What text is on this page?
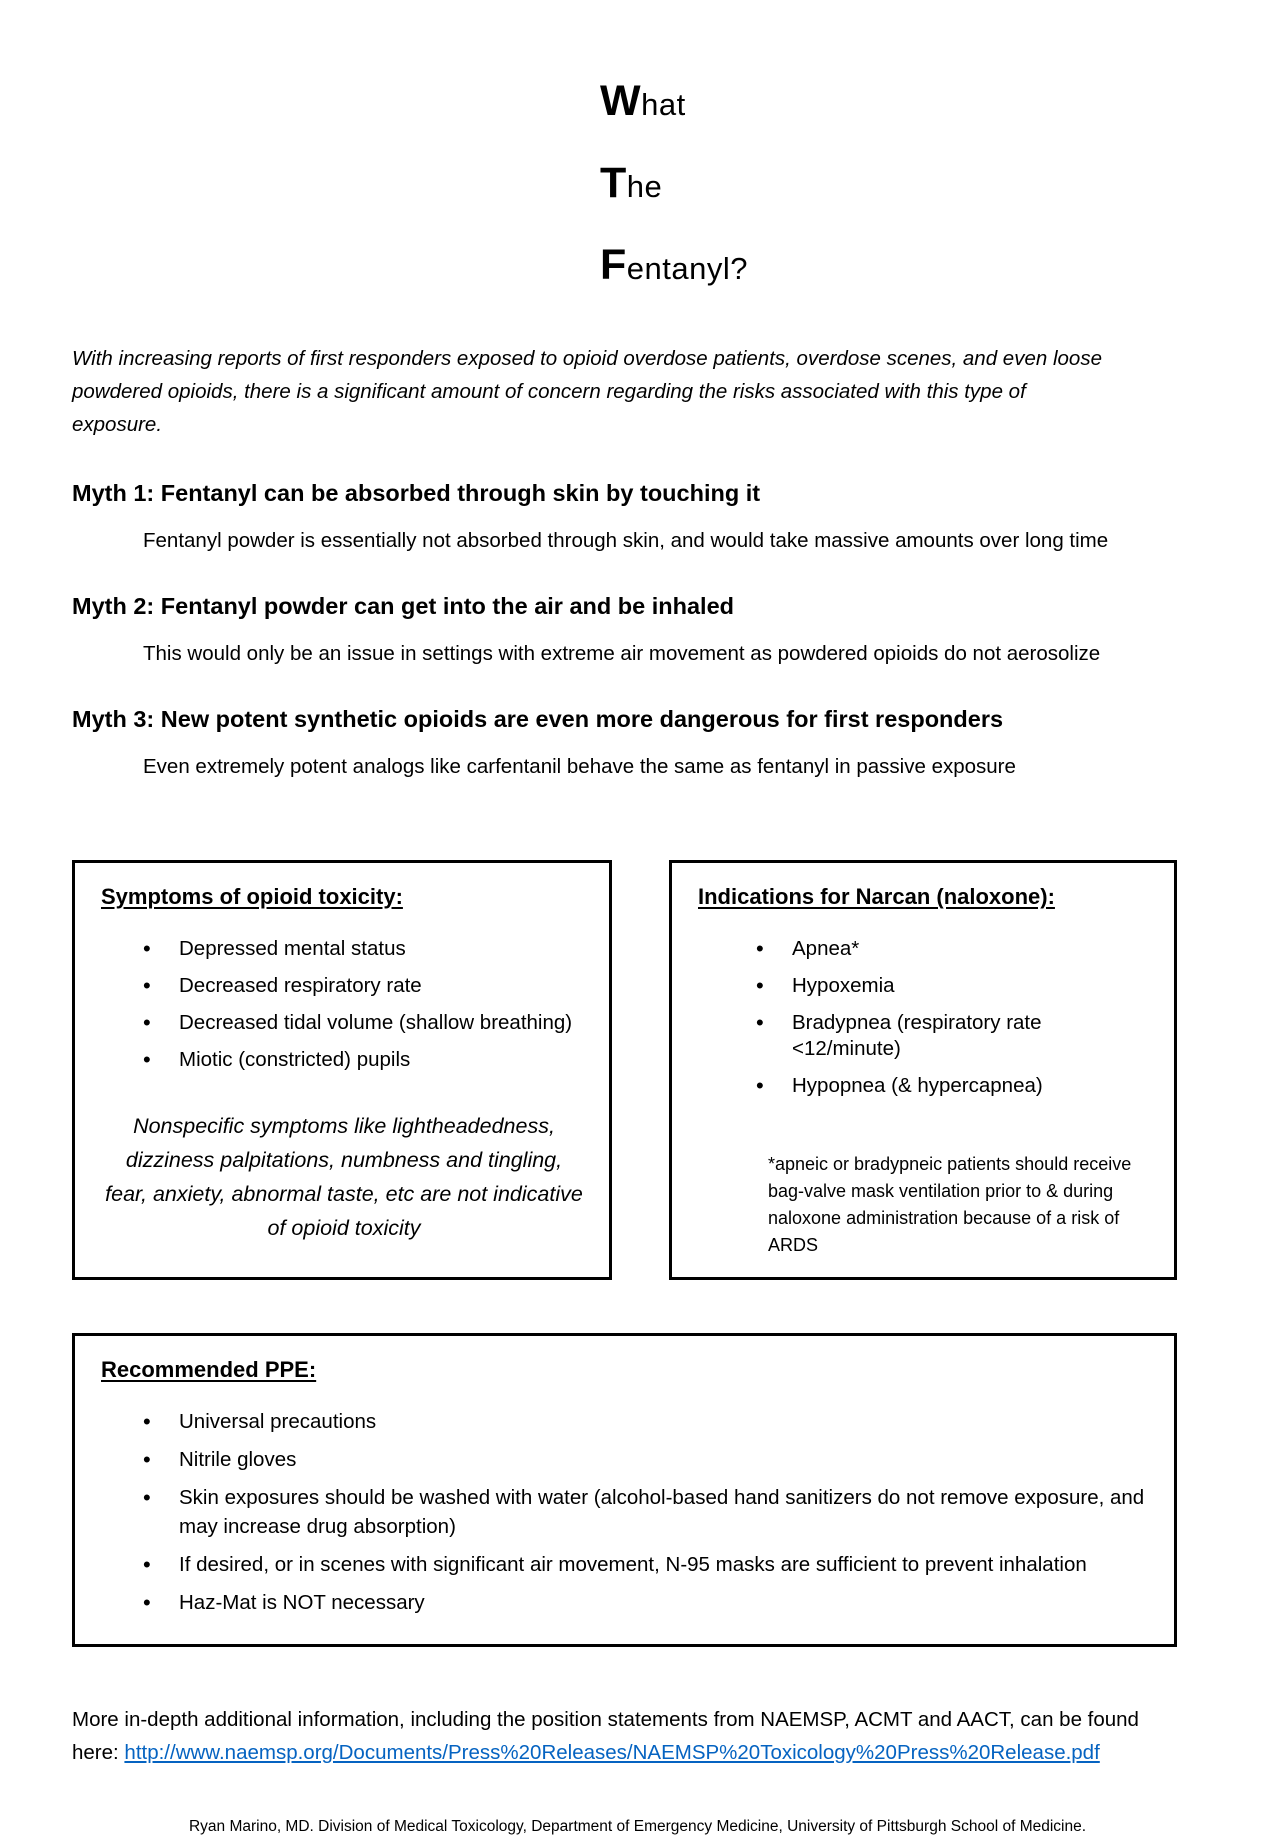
What
The
Fentanyl?

With increasing reports of first responders exposed to opioid overdose patients, overdose scenes, and even loose powdered opioids, there is a significant amount of concern regarding the risks associated with this type of exposure.

Myth 1: Fentanyl can be absorbed through skin by touching it

Fentanyl powder is essentially not absorbed through skin, and would take massive amounts over long time

Myth 2: Fentanyl powder can get into the air and be inhaled

This would only be an issue in settings with extreme air movement as powdered opioids do not aerosolize

Myth 3: New potent synthetic opioids are even more dangerous for first responders

Even extremely potent analogs like carfentanil behave the same as fentanyl in passive exposure

Symptoms of opioid toxicity:
• Depressed mental status
• Decreased respiratory rate
• Decreased tidal volume (shallow breathing)
• Miotic (constricted) pupils

Nonspecific symptoms like lightheadedness, dizziness palpitations, numbness and tingling, fear, anxiety, abnormal taste, etc are not indicative of opioid toxicity

Indications for Narcan (naloxone):
• Apnea*
• Hypoxemia
• Bradypnea (respiratory rate <12/minute)
• Hypopnea (& hypercapnea)

*apneic or bradypneic patients should receive bag-valve mask ventilation prior to & during naloxone administration because of a risk of ARDS

Recommended PPE:
• Universal precautions
• Nitrile gloves
• Skin exposures should be washed with water (alcohol-based hand sanitizers do not remove exposure, and may increase drug absorption)
• If desired, or in scenes with significant air movement, N-95 masks are sufficient to prevent inhalation
• Haz-Mat is NOT necessary

More in-depth additional information, including the position statements from NAEMSP, ACMT and AACT, can be found here: http://www.naemsp.org/Documents/Press%20Releases/NAEMSP%20Toxicology%20Press%20Release.pdf

Ryan Marino, MD. Division of Medical Toxicology, Department of Emergency Medicine, University of Pittsburgh School of Medicine.
